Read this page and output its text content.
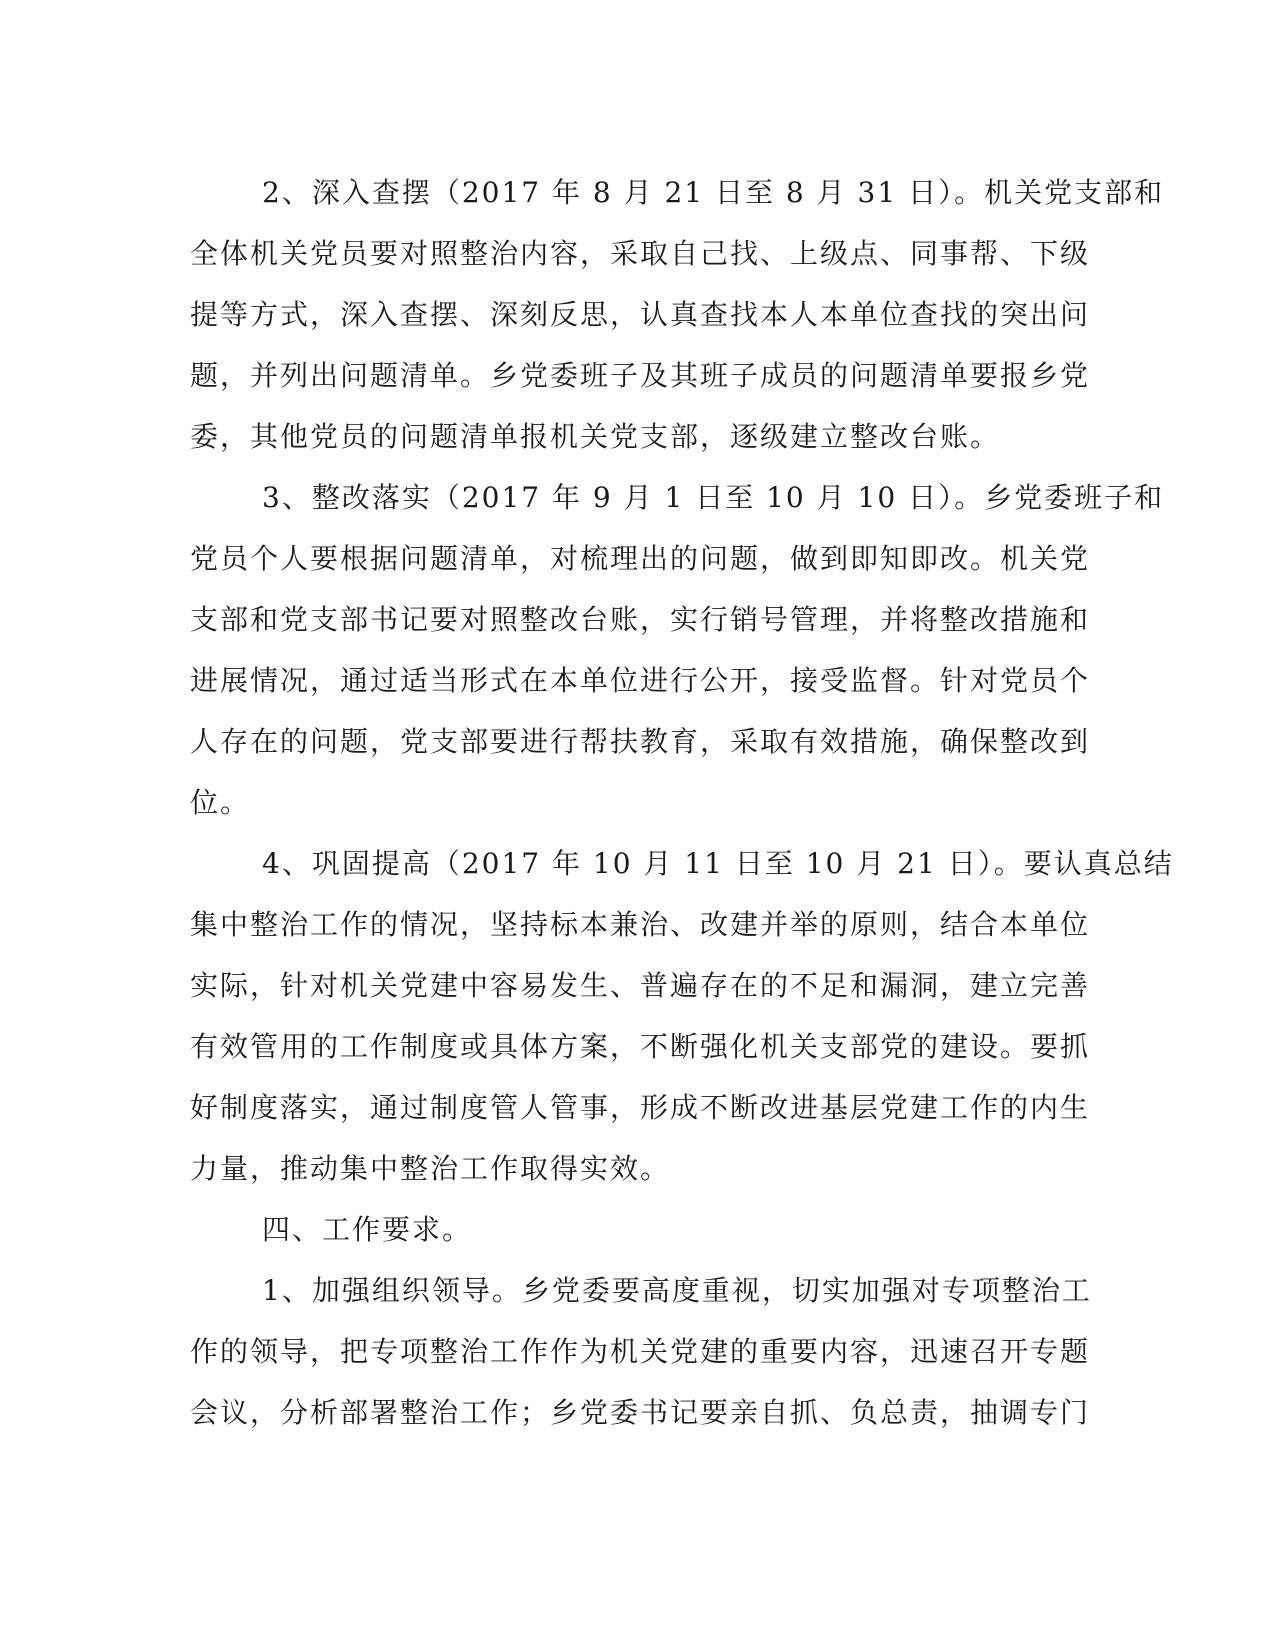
2、深入查摆（2017 年 8 月 21 日至 8 月 31 日）。机关党支部和
全体机关党员要对照整治内容，采取自己找、上级点、同事帮、下级
提等方式，深入查摆、深刻反思，认真查找本人本单位查找的突出问
题，并列出问题清单。乡党委班子及其班子成员的问题清单要报乡党
委，其他党员的问题清单报机关党支部，逐级建立整改台账。
3、整改落实（2017 年 9 月 1 日至 10 月 10 日）。乡党委班子和
党员个人要根据问题清单，对梳理出的问题，做到即知即改。机关党
支部和党支部书记要对照整改台账，实行销号管理，并将整改措施和
进展情况，通过适当形式在本单位进行公开，接受监督。针对党员个
人存在的问题，党支部要进行帮扶教育，采取有效措施，确保整改到
位。
4、巩固提高（2017 年 10 月 11 日至 10 月 21 日）。要认真总结
集中整治工作的情况，坚持标本兼治、改建并举的原则，结合本单位
实际，针对机关党建中容易发生、普遍存在的不足和漏洞，建立完善
有效管用的工作制度或具体方案，不断强化机关支部党的建设。要抓
好制度落实，通过制度管人管事，形成不断改进基层党建工作的内生
力量，推动集中整治工作取得实效。
四、工作要求。
1、加强组织领导。乡党委要高度重视，切实加强对专项整治工
作的领导，把专项整治工作作为机关党建的重要内容，迅速召开专题
会议，分析部署整治工作；乡党委书记要亲自抓、负总责，抽调专门
